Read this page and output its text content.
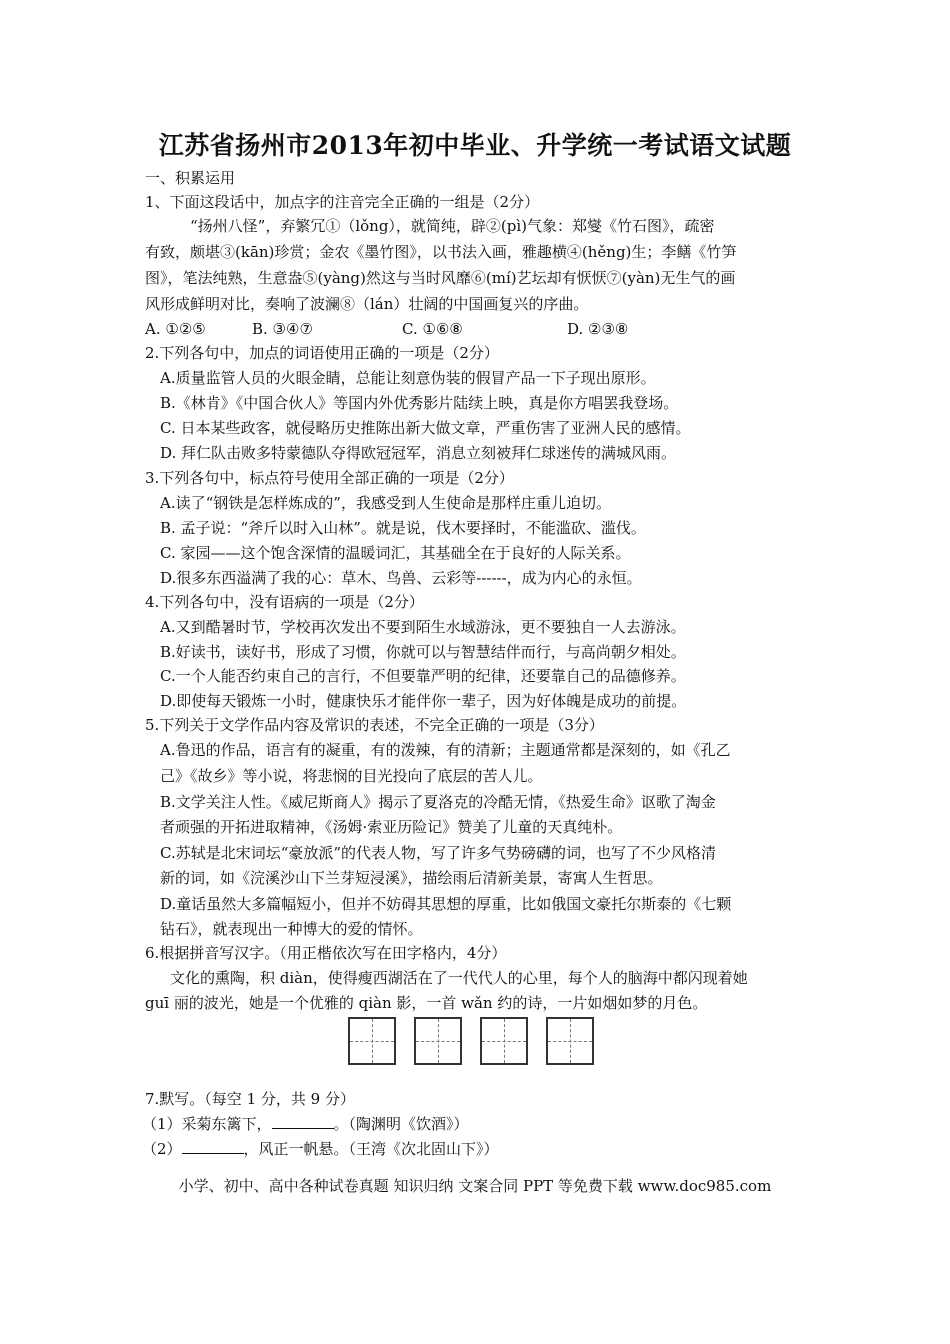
江苏省扬州市2013年初中毕业、升学统一考试语文试题
一、积累运用
1、下面这段话中，加点字的注音完全正确的一组是（2分）
“扬州八怪”，弃繁冗①（lǒng），就简纯，辟②(pì)气象：郑燮《竹石图》，疏密
有致，颇堪③(kān)珍赏；金农《墨竹图》，以书法入画，雅趣横④(hěng)生；李鳝《竹笋
图》，笔法纯熟，生意盎⑤(yàng)然这与当时风靡⑥(mí)艺坛却有恹恹⑦(yàn)无生气的画
风形成鲜明对比，奏响了波澜⑧（lán）壮阔的中国画复兴的序曲。
A. ①②⑤	B. ③④⑦	C. ①⑥⑧	D. ②③⑧
2.下列各句中，加点的词语使用正确的一项是（2分）
A.质量监管人员的火眼金睛，总能让刻意伪装的假冒产品一下子现出原形。
B.《林肯》《中国合伙人》等国内外优秀影片陆续上映，真是你方唱罢我登场。
C. 日本某些政客，就侵略历史推陈出新大做文章，严重伤害了亚洲人民的感情。
D. 拜仁队击败多特蒙德队夺得欧冠冠军，消息立刻被拜仁球迷传的满城风雨。
3.下列各句中，标点符号使用全部正确的一项是（2分）
A.读了“钢铁是怎样炼成的”，我感受到人生使命是那样庄重儿迫切。
B. 孟子说：“斧斤以时入山林”。就是说，伐木要择时，不能滥砍、滥伐。
C. 家园——这个饱含深情的温暖词汇，其基础全在于良好的人际关系。
D.很多东西溢满了我的心：草木、鸟兽、云彩等------，成为内心的永恒。
4.下列各句中，没有语病的一项是（2分）
A.又到酷暑时节，学校再次发出不要到陌生水域游泳，更不要独自一人去游泳。
B.好读书，读好书，形成了习惯，你就可以与智慧结伴而行，与高尚朝夕相处。
C.一个人能否约束自己的言行，不但要靠严明的纪律，还要靠自己的品德修养。
D.即使每天锻炼一小时，健康快乐才能伴你一辈子，因为好体魄是成功的前提。
5.下列关于文学作品内容及常识的表述，不完全正确的一项是（3分）
A.鲁迅的作品，语言有的凝重，有的泼辣，有的清新；主题通常都是深刻的，如《孔乙
己》《故乡》等小说，将悲悯的目光投向了底层的苦人儿。
B.文学关注人性。《威尼斯商人》揭示了夏洛克的冷酷无情，《热爱生命》讴歌了淘金
者顽强的开拓进取精神，《汤姆·索亚历险记》赞美了儿童的天真纯朴。
C.苏轼是北宋词坛“豪放派”的代表人物，写了许多气势磅礴的词，也写了不少风格清
新的词，如《浣溪沙山下兰芽短浸溪》，描绘雨后清新美景，寄寓人生哲思。
D.童话虽然大多篇幅短小，但并不妨碍其思想的厚重，比如俄国文豪托尔斯泰的《七颗
钻石》，就表现出一种博大的爱的情怀。
6.根据拼音写汉字。（用正楷依次写在田字格内，4分）
文化的熏陶，积 diàn，使得瘦西湖活在了一代代人的心里，每个人的脑海中都闪现着她
guī 丽的波光，她是一个优雅的 qiàn 影，一首 wǎn 约的诗，一片如烟如梦的月色。
7.默写。（每空 1 分，共 9 分）
（1）采菊东篱下，	。（陶渊明《饮酒》）
（2）	，风正一帆悬。（王湾《次北固山下》）
小学、初中、高中各种试卷真题 知识归纳 文案合同 PPT 等免费下载 www.doc985.com
